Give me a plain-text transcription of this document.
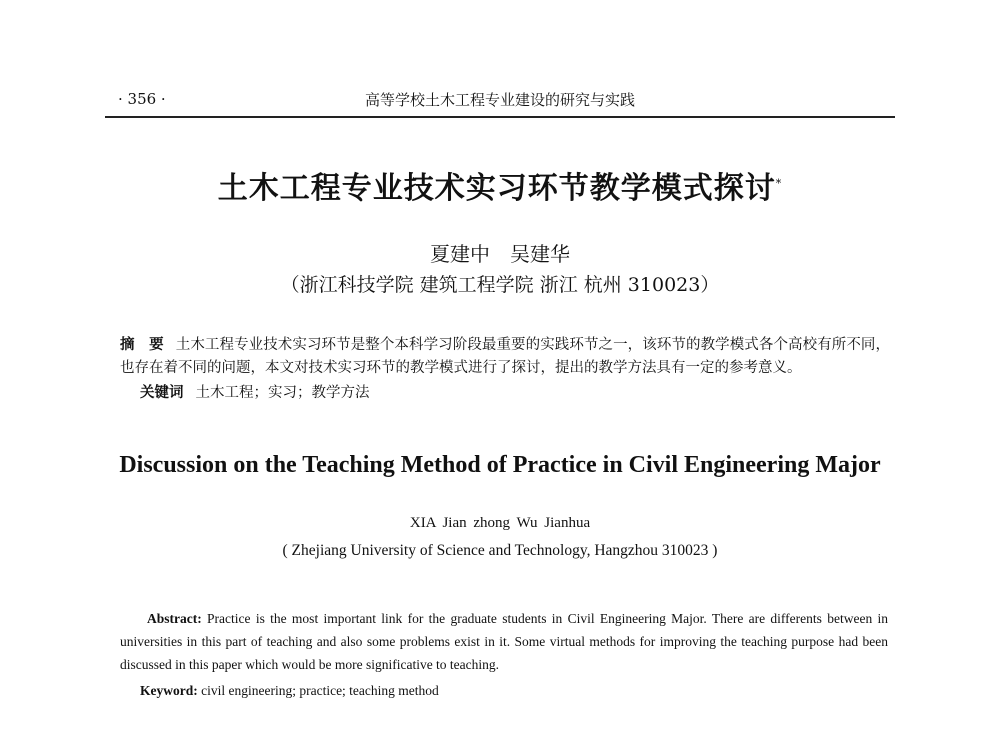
· 356 ·	高等学校土木工程专业建设的研究与实践
土木工程专业技术实习环节教学模式探讨*
夏建中　吴建华
（浙江科技学院 建筑工程学院 浙江 杭州 310023）
摘　要 土木工程专业技术实习环节是整个本科学习阶段最重要的实践环节之一，该环节的教学模式各个高校有所不同，也存在着不同的问题，本文对技术实习环节的教学模式进行了探讨，提出的教学方法具有一定的参考意义。
关键词 土木工程；实习；教学方法
Discussion on the Teaching Method of Practice in Civil Engineering Major
XIA Jian zhong Wu Jianhua
( Zhejiang University of Science and Technology, Hangzhou 310023 )
Abstract: Practice is the most important link for the graduate students in Civil Engineering Major. There are differents between in universities in this part of teaching and also some problems exist in it. Some virtual methods for improving the teaching purpose had been discussed in this paper which would be more significative to teaching.
Keyword: civil engineering; practice; teaching method
